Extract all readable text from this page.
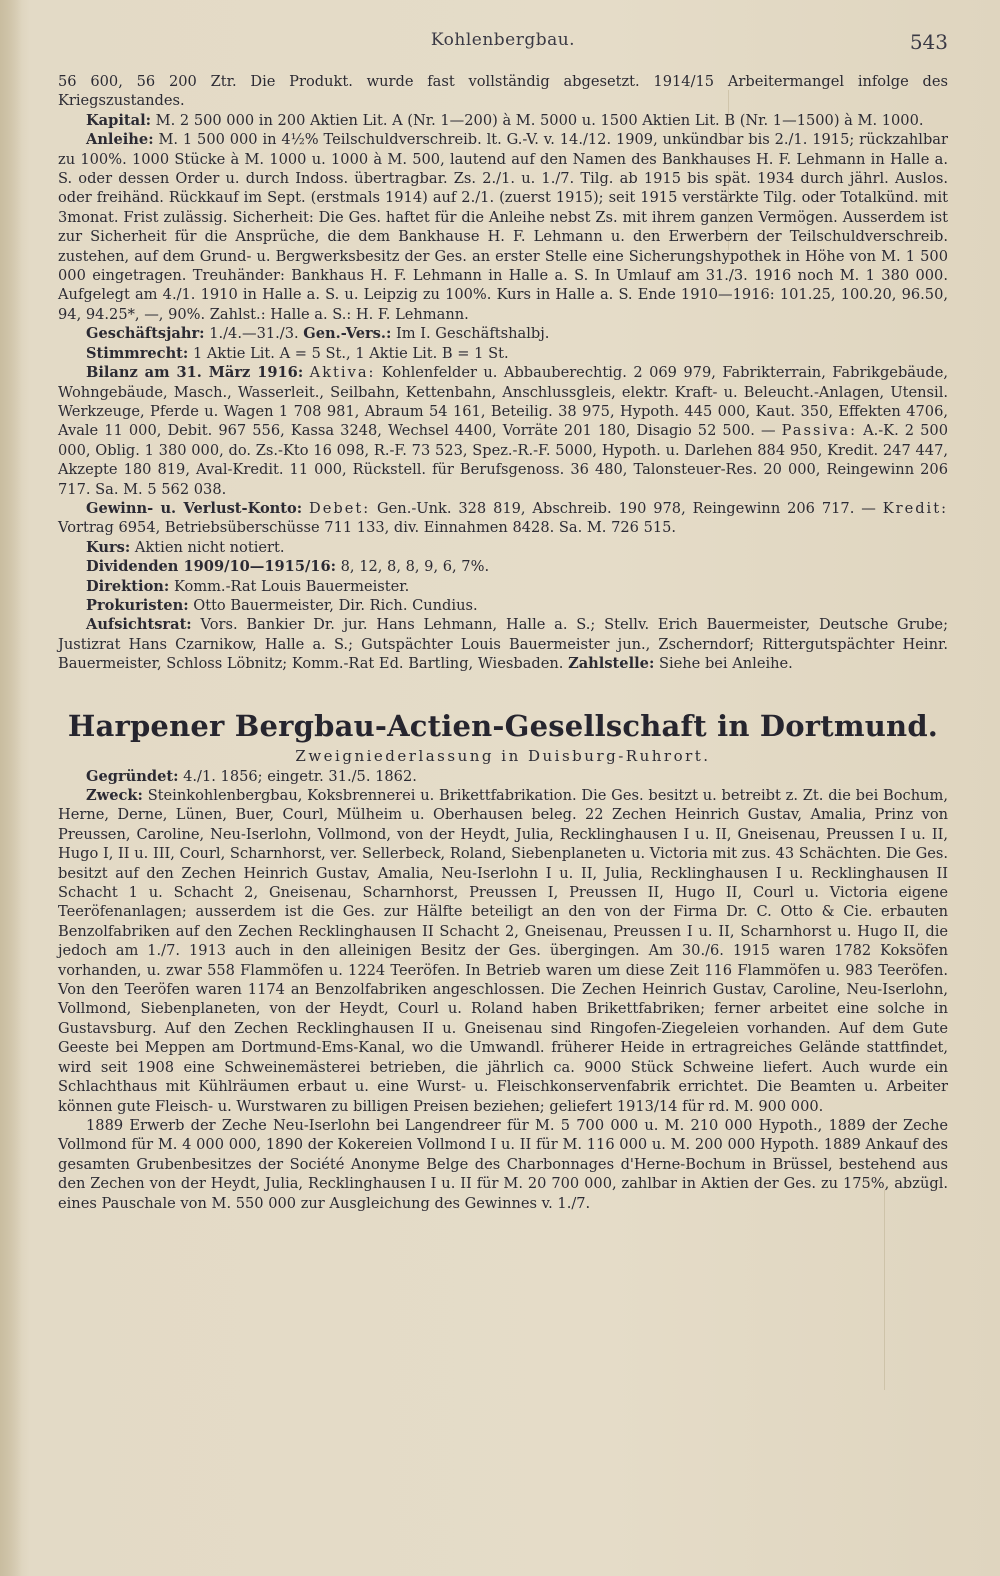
Kohlenbergbau.	543

56 600, 56 200 Ztr. Die Produkt. wurde fast vollständig abgesetzt. 1914/15 Arbeitermangel infolge des Kriegszustandes.

Kapital: M. 2 500 000 in 200 Aktien Lit. A (Nr. 1—200) à M. 5000 u. 1500 Aktien Lit. B (Nr. 1—1500) à M. 1000.

Anleihe: M. 1 500 000 in 4½% Teilschuldverschreib. lt. G.-V. v. 14./12. 1909, unkündbar bis 2./1. 1915; rückzahlbar zu 100%. 1000 Stücke à M. 1000 u. 1000 à M. 500, lautend auf den Namen des Bankhauses H. F. Lehmann in Halle a. S. oder dessen Order u. durch Indoss. übertragbar. Zs. 2./1. u. 1./7. Tilg. ab 1915 bis spät. 1934 durch jährl. Auslos. oder freihänd. Rückkauf im Sept. (erstmals 1914) auf 2./1. (zuerst 1915); seit 1915 verstärkte Tilg. oder Totalkünd. mit 3monat. Frist zulässig. Sicherheit: Die Ges. haftet für die Anleihe nebst Zs. mit ihrem ganzen Vermögen. Ausserdem ist zur Sicherheit für die Ansprüche, die dem Bankhause H. F. Lehmann u. den Erwerbern der Teilschuldverschreib. zustehen, auf dem Grund- u. Bergwerksbesitz der Ges. an erster Stelle eine Sicherungshypothek in Höhe von M. 1 500 000 eingetragen. Treuhänder: Bankhaus H. F. Lehmann in Halle a. S. In Umlauf am 31./3. 1916 noch M. 1 380 000. Aufgelegt am 4./1. 1910 in Halle a. S. u. Leipzig zu 100%. Kurs in Halle a. S. Ende 1910—1916: 101.25, 100.20, 96.50, 94, 94.25*, —, 90%. Zahlst.: Halle a. S.: H. F. Lehmann.

Geschäftsjahr: 1./4.—31./3. Gen.-Vers.: Im I. Geschäftshalbj.

Stimmrecht: 1 Aktie Lit. A = 5 St., 1 Aktie Lit. B = 1 St.

Bilanz am 31. März 1916: Aktiva: Kohlenfelder u. Abbauberechtig. 2 069 979, Fabrikterrain, Fabrikgebäude, Wohngebäude, Masch., Wasserleit., Seilbahn, Kettenbahn, Anschlussgleis, elektr. Kraft- u. Beleucht.-Anlagen, Utensil. Werkzeuge, Pferde u. Wagen 1 708 981, Abraum 54 161, Beteilig. 38 975, Hypoth. 445 000, Kaut. 350, Effekten 4706, Avale 11 000, Debit. 967 556, Kassa 3248, Wechsel 4400, Vorräte 201 180, Disagio 52 500. — Passiva: A.-K. 2 500 000, Oblig. 1 380 000, do. Zs.-Kto 16 098, R.-F. 73 523, Spez.-R.-F. 5000, Hypoth. u. Darlehen 884 950, Kredit. 247 447, Akzepte 180 819, Aval-Kredit. 11 000, Rückstell. für Berufsgenoss. 36 480, Talonsteuer-Res. 20 000, Reingewinn 206 717. Sa. M. 5 562 038.

Gewinn- u. Verlust-Konto: Debet: Gen.-Unk. 328 819, Abschreib. 190 978, Reingewinn 206 717. — Kredit: Vortrag 6954, Betriebsüberschüsse 711 133, div. Einnahmen 8428. Sa. M. 726 515.

Kurs: Aktien nicht notiert.

Dividenden 1909/10—1915/16: 8, 12, 8, 8, 9, 6, 7%.

Direktion: Komm.-Rat Louis Bauermeister.

Prokuristen: Otto Bauermeister, Dir. Rich. Cundius.

Aufsichtsrat: Vors. Bankier Dr. jur. Hans Lehmann, Halle a. S.; Stellv. Erich Bauermeister, Deutsche Grube; Justizrat Hans Czarnikow, Halle a. S.; Gutspächter Louis Bauermeister jun., Zscherndorf; Rittergutspächter Heinr. Bauermeister, Schloss Löbnitz; Komm.-Rat Ed. Bartling, Wiesbaden. Zahlstelle: Siehe bei Anleihe.

Harpener Bergbau-Actien-Gesellschaft in Dortmund.
Zweigniederlassung in Duisburg-Ruhrort.

Gegründet: 4./1. 1856; eingetr. 31./5. 1862.

Zweck: Steinkohlenbergbau, Koksbrennerei u. Brikettfabrikation. Die Ges. besitzt u. betreibt z. Zt. die bei Bochum, Herne, Derne, Lünen, Buer, Courl, Mülheim u. Oberhausen beleg. 22 Zechen Heinrich Gustav, Amalia, Prinz von Preussen, Caroline, Neu-Iserlohn, Vollmond, von der Heydt, Julia, Recklinghausen I u. II, Gneisenau, Preussen I u. II, Hugo I, II u. III, Courl, Scharnhorst, ver. Sellerbeck, Roland, Siebenplaneten u. Victoria mit zus. 43 Schächten. Die Ges. besitzt auf den Zechen Heinrich Gustav, Amalia, Neu-Iserlohn I u. II, Julia, Recklinghausen I u. Recklinghausen II Schacht 1 u. Schacht 2, Gneisenau, Scharnhorst, Preussen I, Preussen II, Hugo II, Courl u. Victoria eigene Teeröfenanlagen; ausserdem ist die Ges. zur Hälfte beteiligt an den von der Firma Dr. C. Otto & Cie. erbauten Benzolfabriken auf den Zechen Recklinghausen II Schacht 2, Gneisenau, Preussen I u. II, Scharnhorst u. Hugo II, die jedoch am 1./7. 1913 auch in den alleinigen Besitz der Ges. übergingen. Am 30./6. 1915 waren 1782 Koksöfen vorhanden, u. zwar 558 Flammöfen u. 1224 Teeröfen. In Betrieb waren um diese Zeit 116 Flammöfen u. 983 Teeröfen. Von den Teeröfen waren 1174 an Benzolfabriken angeschlossen. Die Zechen Heinrich Gustav, Caroline, Neu-Iserlohn, Vollmond, Siebenplaneten, von der Heydt, Courl u. Roland haben Brikettfabriken; ferner arbeitet eine solche in Gustavsburg. Auf den Zechen Recklinghausen II u. Gneisenau sind Ringofen-Ziegeleien vorhanden. Auf dem Gute Geeste bei Meppen am Dortmund-Ems-Kanal, wo die Umwandl. früherer Heide in ertragreiches Gelände stattfindet, wird seit 1908 eine Schweinemästerei betrieben, die jährlich ca. 9000 Stück Schweine liefert. Auch wurde ein Schlachthaus mit Kühlräumen erbaut u. eine Wurst- u. Fleischkonservenfabrik errichtet. Die Beamten u. Arbeiter können gute Fleisch- u. Wurstwaren zu billigen Preisen beziehen; geliefert 1913/14 für rd. M. 900 000.

1889 Erwerb der Zeche Neu-Iserlohn bei Langendreer für M. 5 700 000 u. M. 210 000 Hypoth., 1889 der Zeche Vollmond für M. 4 000 000, 1890 der Kokereien Vollmond I u. II für M. 116 000 u. M. 200 000 Hypoth. 1889 Ankauf des gesamten Grubenbesitzes der Société Anonyme Belge des Charbonnages d'Herne-Bochum in Brüssel, bestehend aus den Zechen von der Heydt, Julia, Recklinghausen I u. II für M. 20 700 000, zahlbar in Aktien der Ges. zu 175%, abzügl. eines Pauschale von M. 550 000 zur Ausgleichung des Gewinnes v. 1./7.
